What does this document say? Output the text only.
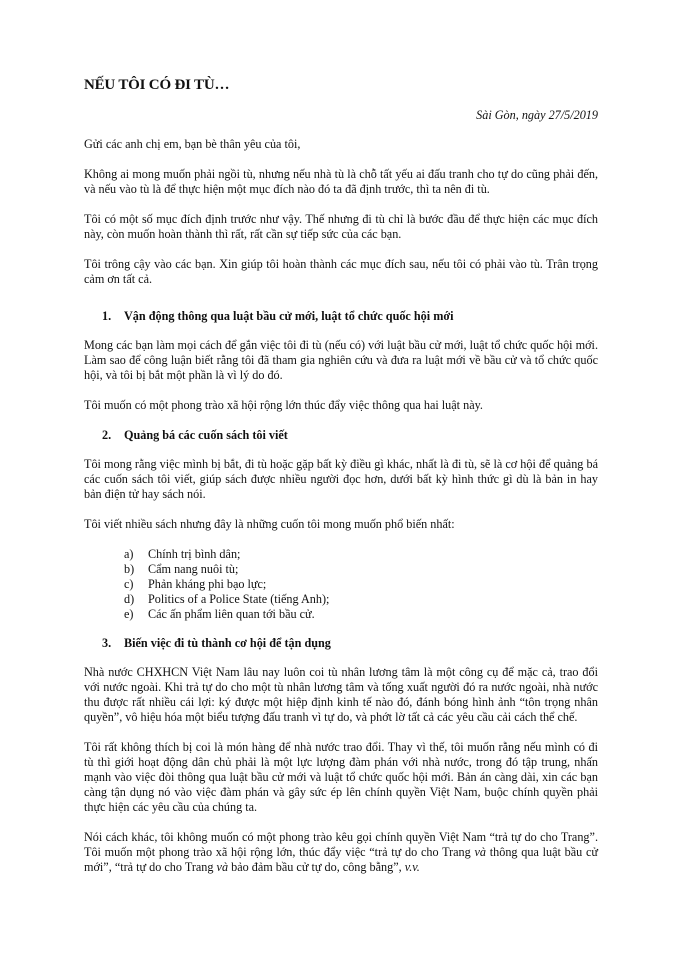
NẾU TÔI CÓ ĐI TÙ…
Sài Gòn, ngày 27/5/2019

Gửi các anh chị em, bạn bè thân yêu của tôi,

Không ai mong muốn phải ngồi tù, nhưng nếu nhà tù là chỗ tất yếu ai đấu tranh cho tự do cũng phải đến, và nếu vào tù là để thực hiện một mục đích nào đó ta đã định trước, thì ta nên đi tù.

Tôi có một số mục đích định trước như vậy. Thế nhưng đi tù chỉ là bước đầu để thực hiện các mục đích này, còn muốn hoàn thành thì rất, rất cần sự tiếp sức của các bạn.

Tôi trông cậy vào các bạn. Xin giúp tôi hoàn thành các mục đích sau, nếu tôi có phải vào tù. Trân trọng cảm ơn tất cả.

1.	Vận động thông qua luật bầu cử mới, luật tổ chức quốc hội mới

Mong các bạn làm mọi cách để gắn việc tôi đi tù (nếu có) với luật bầu cử mới, luật tổ chức quốc hội mới. Làm sao để công luận biết rằng tôi đã tham gia nghiên cứu và đưa ra luật mới về bầu cử và tổ chức quốc hội, và tôi bị bắt một phần là vì lý do đó.

Tôi muốn có một phong trào xã hội rộng lớn thúc đẩy việc thông qua hai luật này.

2.	Quảng bá các cuốn sách tôi viết

Tôi mong rằng việc mình bị bắt, đi tù hoặc gặp bất kỳ điều gì khác, nhất là đi tù, sẽ là cơ hội để quảng bá các cuốn sách tôi viết, giúp sách được nhiều người đọc hơn, dưới bất kỳ hình thức gì dù là bản in hay bản điện tử hay sách nói.

Tôi viết nhiều sách nhưng đây là những cuốn tôi mong muốn phổ biến nhất:

a)	Chính trị bình dân;
b)	Cẩm nang nuôi tù;
c)	Phản kháng phi bạo lực;
d)	Politics of a Police State (tiếng Anh);
e)	Các ấn phẩm liên quan tới bầu cử.
3.	Biến việc đi tù thành cơ hội để tận dụng

Nhà nước CHXHCN Việt Nam lâu nay luôn coi tù nhân lương tâm là một công cụ để mặc cả, trao đổi với nước ngoài. Khi trả tự do cho một tù nhân lương tâm và tống xuất người đó ra nước ngoài, nhà nước thu được rất nhiều cái lợi: ký được một hiệp định kinh tế nào đó, đánh bóng hình ảnh “tôn trọng nhân quyền”, vô hiệu hóa một biểu tượng đấu tranh vì tự do, và phớt lờ tất cả các yêu cầu cải cách thể chế.

Tôi rất không thích bị coi là món hàng để nhà nước trao đổi. Thay vì thế, tôi muốn rằng nếu mình có đi tù thì giới hoạt động dân chủ phải là một lực lượng đàm phán với nhà nước, trong đó tập trung, nhấn mạnh vào việc đòi thông qua luật bầu cử mới và luật tổ chức quốc hội mới. Bản án càng dài, xin các bạn càng tận dụng nó vào việc đàm phán và gây sức ép lên chính quyền Việt Nam, buộc chính quyền phải thực hiện các yêu cầu của chúng ta.

Nói cách khác, tôi không muốn có một phong trào kêu gọi chính quyền Việt Nam “trả tự do cho Trang”. Tôi muốn một phong trào xã hội rộng lớn, thúc đẩy việc “trả tự do cho Trang và thông qua luật bầu cử mới”, “trả tự do cho Trang và bảo đảm bầu cử tự do, công bằng”, v.v.
